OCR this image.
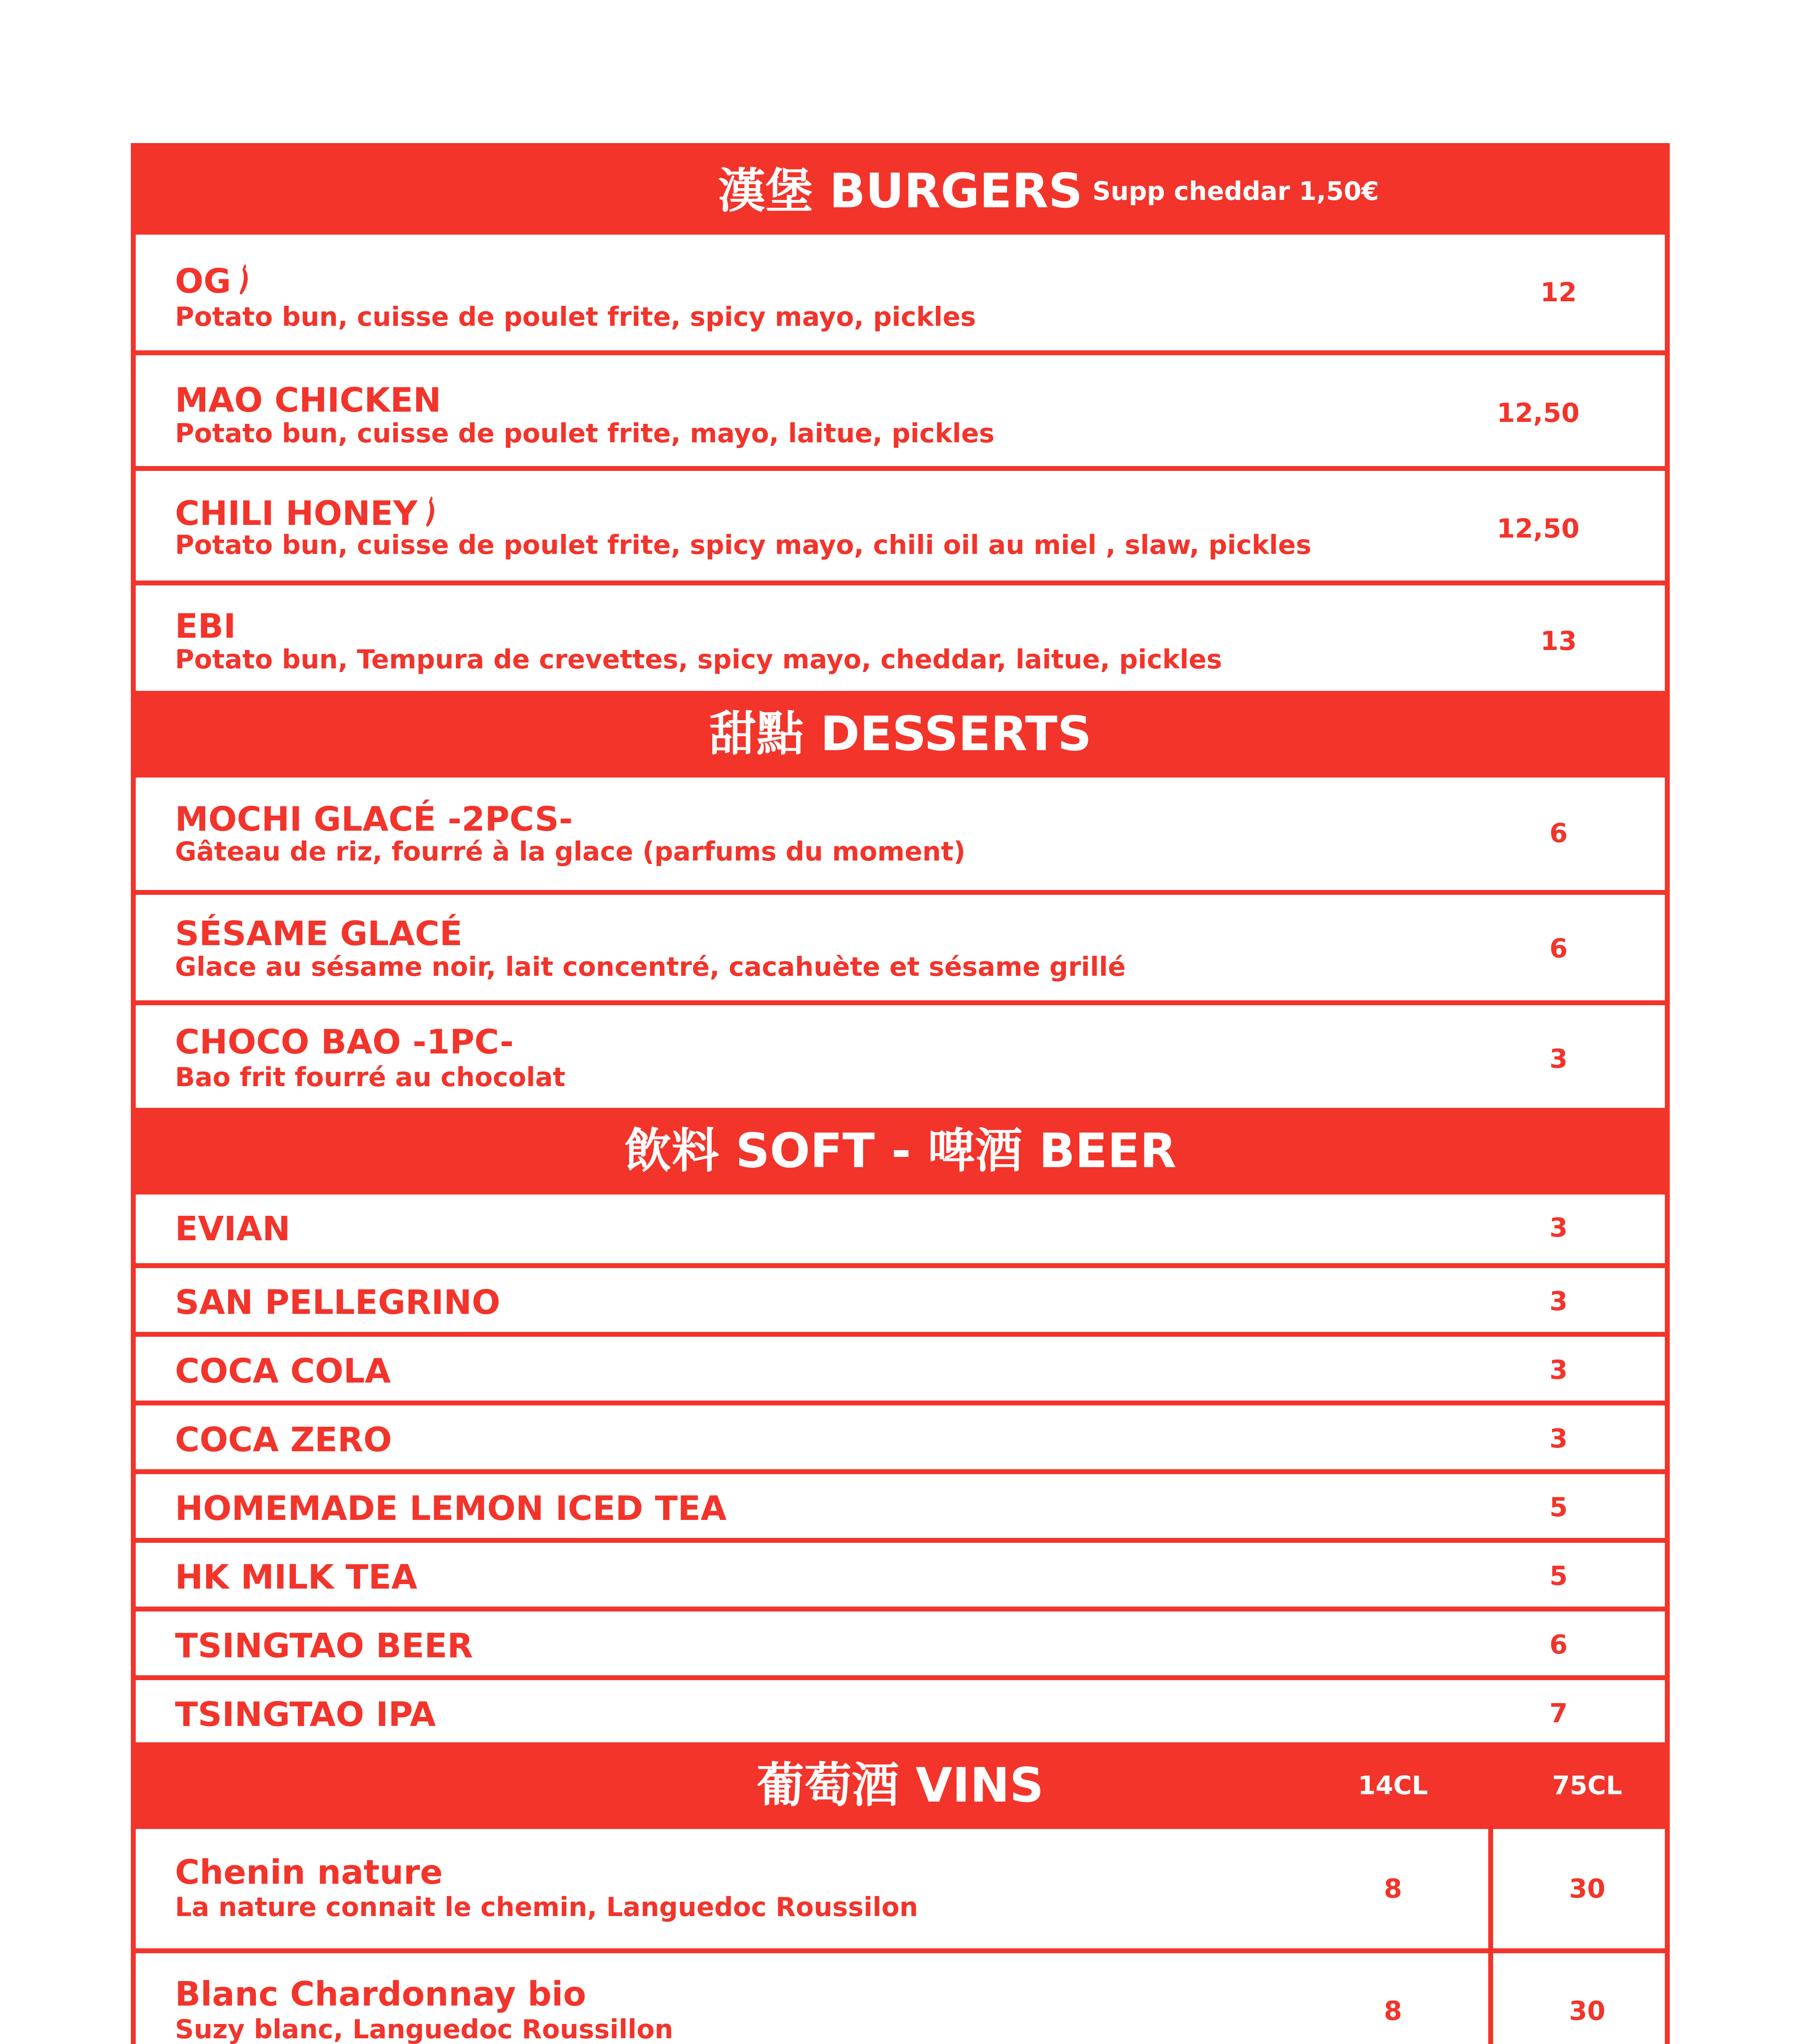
漢堡 BURGERS Supp cheddar 1,50€
OG
Potato bun, cuisse de poulet frite, spicy mayo, pickles
12
MAO CHICKEN
Potato bun, cuisse de poulet frite, mayo, laitue, pickles
12,50
CHILI HONEY
Potato bun, cuisse de poulet frite, spicy mayo, chili oil au miel , slaw, pickles
12,50
EBI
Potato bun, Tempura de crevettes, spicy mayo, cheddar, laitue, pickles
13
甜點 DESSERTS
MOCHI GLACÉ -2PCS-
Gâteau de riz, fourré à la glace (parfums du moment)
6
SÉSAME GLACÉ
Glace au sésame noir, lait concentré, cacahuète et sésame grillé
6
CHOCO BAO -1PC-
Bao frit fourré au chocolat
3
飲料 SOFT - 啤酒 BEER
EVIAN	3
SAN PELLEGRINO	3
COCA COLA	3
COCA ZERO	3
HOMEMADE LEMON ICED TEA	5
HK MILK TEA	5
TSINGTAO BEER	6
TSINGTAO IPA	7
葡萄酒 VINS	14CL	75CL
Chenin nature
La nature connait le chemin, Languedoc Roussilon
8	30
Blanc Chardonnay bio
Suzy blanc, Languedoc Roussillon
8	30
